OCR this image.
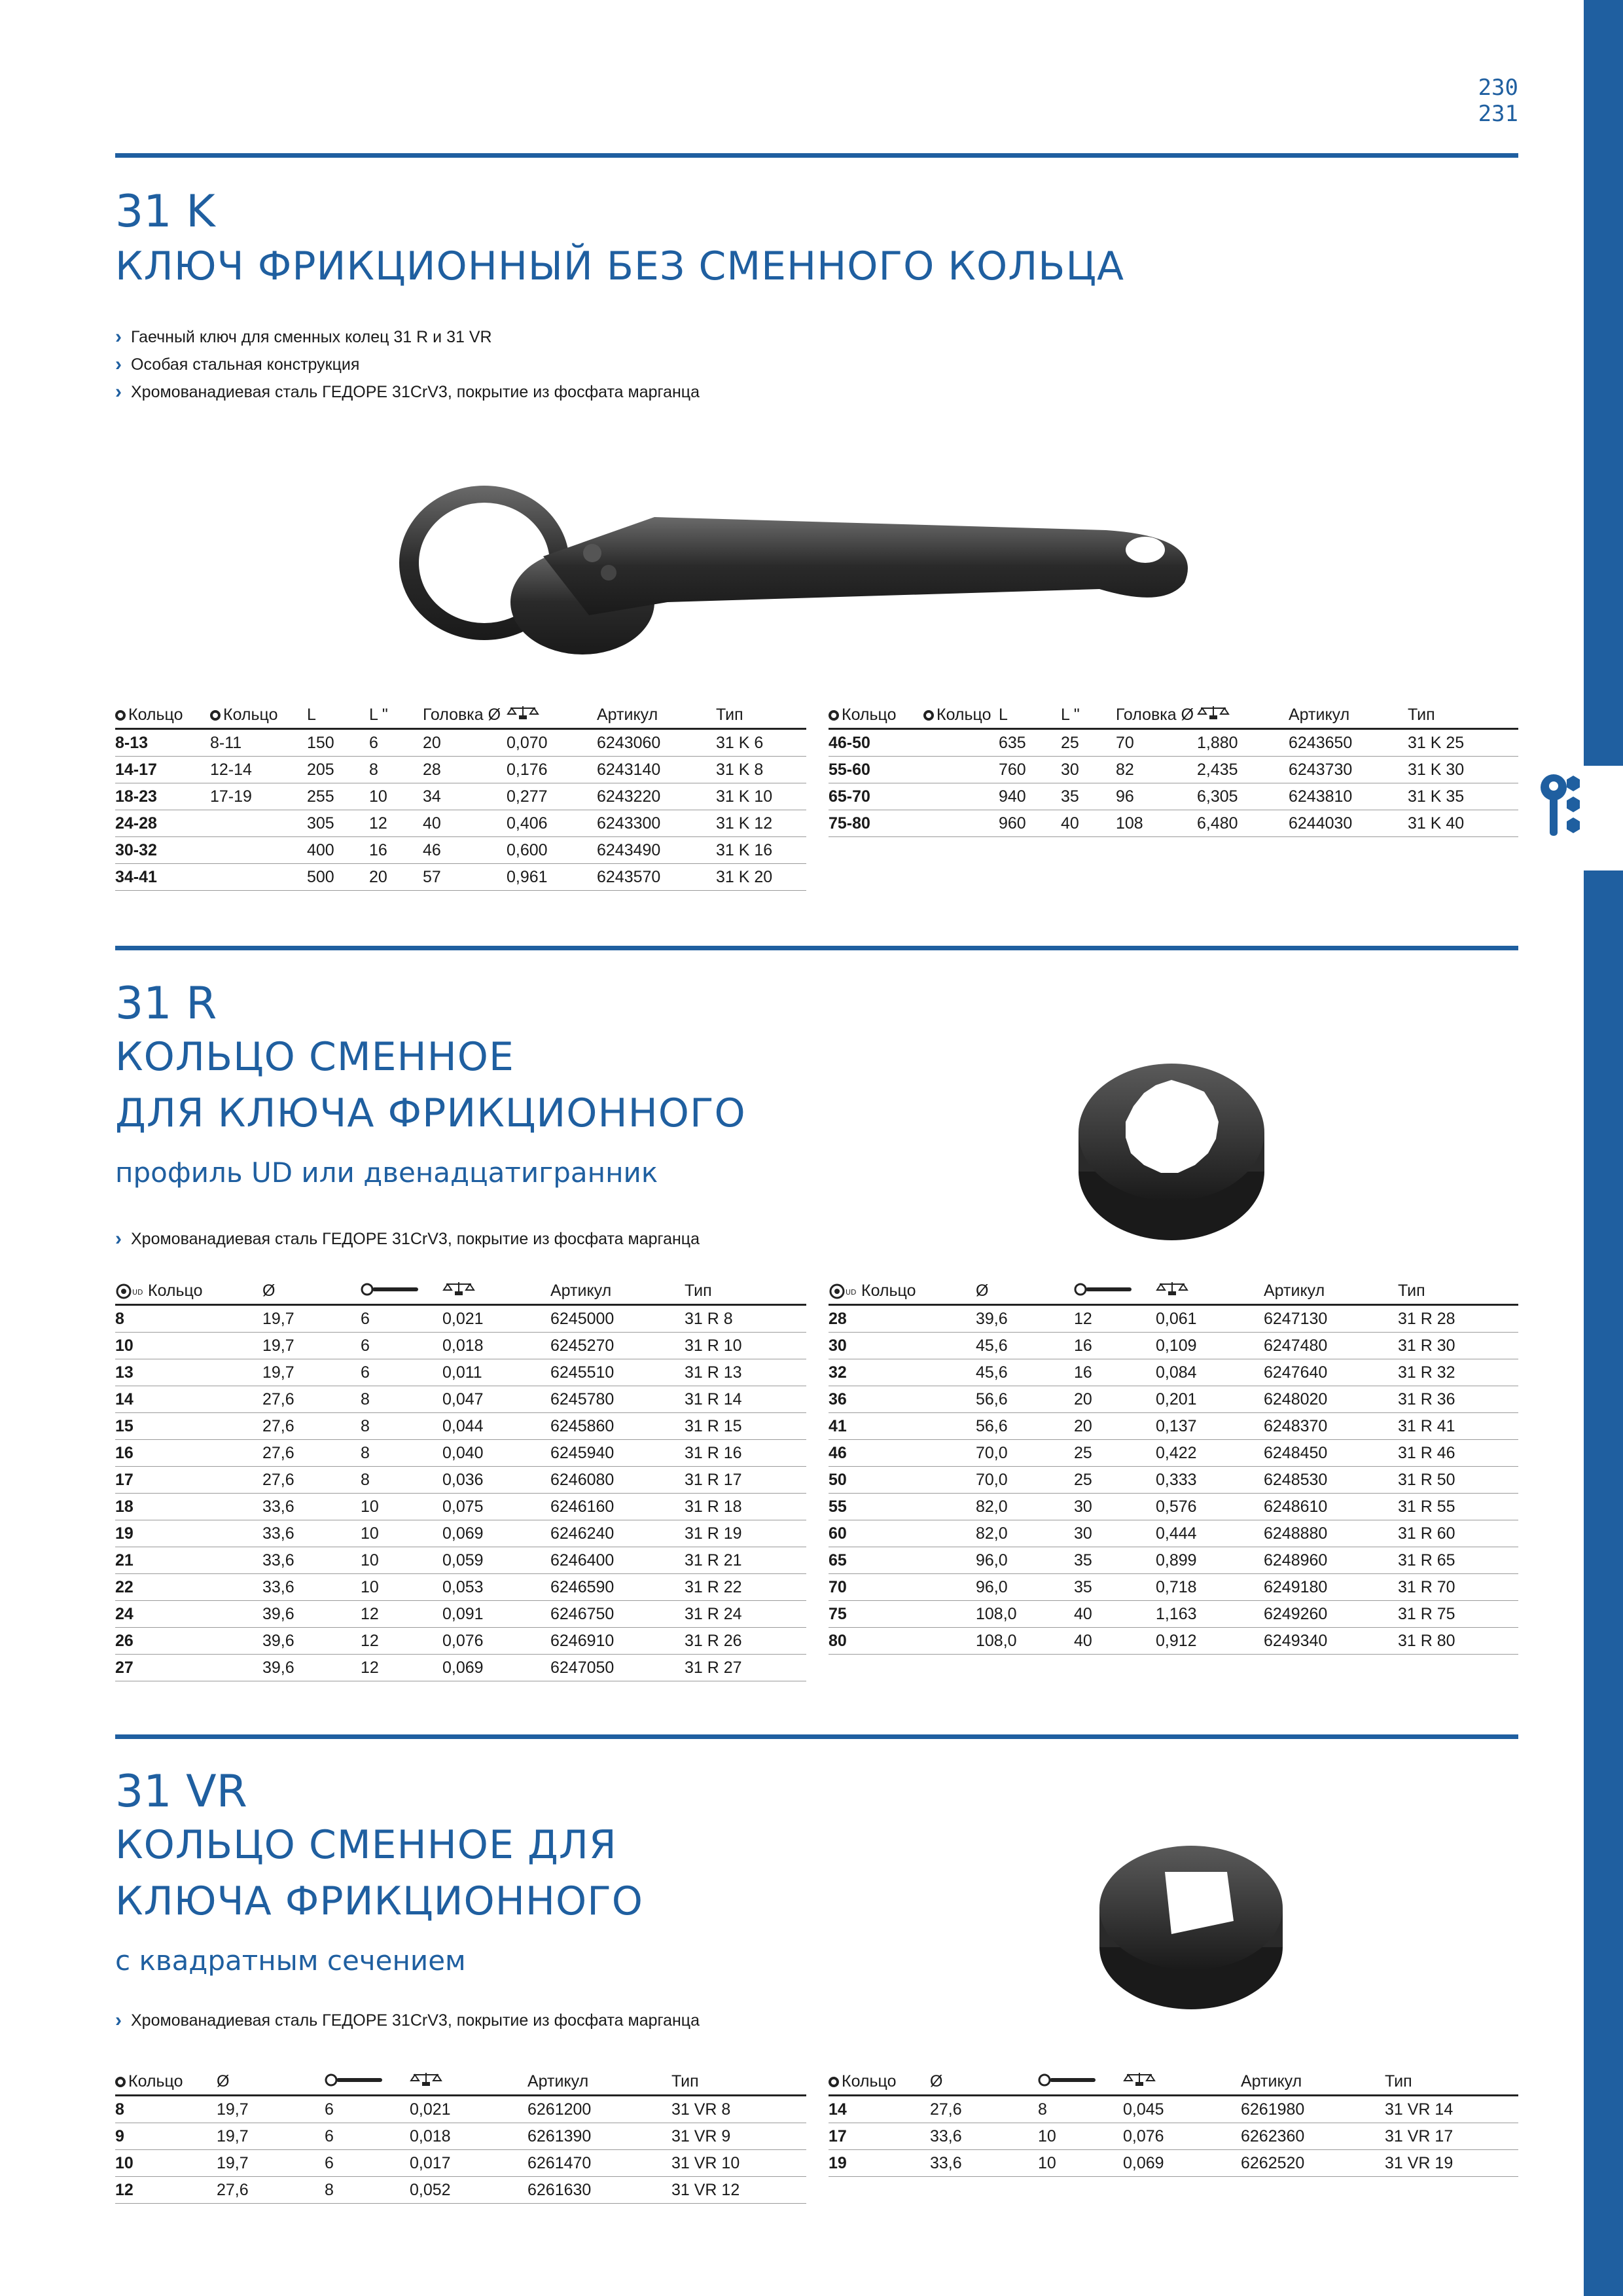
230
231
31 K
КЛЮЧ ФРИКЦИОННЫЙ БЕЗ СМЕННОГО КОЛЬЦА
› Гаечный ключ для сменных колец 31 R и 31 VR
› Особая стальная конструкция
› Хромованадиевая сталь ГЕДОРЕ 31CrV3, покрытие из фосфата марганца
Кольцо	Кольцо	L	L "	Головка Ø		Артикул	Тип
8-13	8-11	150	6	20	0,070	6243060	31 K 6
14-17	12-14	205	8	28	0,176	6243140	31 K 8
18-23	17-19	255	10	34	0,277	6243220	31 K 10
24-28		305	12	40	0,406	6243300	31 K 12
30-32		400	16	46	0,600	6243490	31 K 16
34-41		500	20	57	0,961	6243570	31 K 20
Кольцо	Кольцо	L	L "	Головка Ø		Артикул	Тип
46-50		635	25	70	1,880	6243650	31 K 25
55-60		760	30	82	2,435	6243730	31 K 30
65-70		940	35	96	6,305	6243810	31 K 35
75-80		960	40	108	6,480	6244030	31 K 40
31 R
КОЛЬЦО СМЕННОЕ
ДЛЯ КЛЮЧА ФРИКЦИОННОГО
профиль UD или двенадцатигранник
› Хромованадиевая сталь ГЕДОРЕ 31CrV3, покрытие из фосфата марганца
UD Кольцо	Ø			Артикул	Тип
8	19,7	6	0,021	6245000	31 R 8
10	19,7	6	0,018	6245270	31 R 10
13	19,7	6	0,011	6245510	31 R 13
14	27,6	8	0,047	6245780	31 R 14
15	27,6	8	0,044	6245860	31 R 15
16	27,6	8	0,040	6245940	31 R 16
17	27,6	8	0,036	6246080	31 R 17
18	33,6	10	0,075	6246160	31 R 18
19	33,6	10	0,069	6246240	31 R 19
21	33,6	10	0,059	6246400	31 R 21
22	33,6	10	0,053	6246590	31 R 22
24	39,6	12	0,091	6246750	31 R 24
26	39,6	12	0,076	6246910	31 R 26
27	39,6	12	0,069	6247050	31 R 27
UD Кольцо	Ø			Артикул	Тип
28	39,6	12	0,061	6247130	31 R 28
30	45,6	16	0,109	6247480	31 R 30
32	45,6	16	0,084	6247640	31 R 32
36	56,6	20	0,201	6248020	31 R 36
41	56,6	20	0,137	6248370	31 R 41
46	70,0	25	0,422	6248450	31 R 46
50	70,0	25	0,333	6248530	31 R 50
55	82,0	30	0,576	6248610	31 R 55
60	82,0	30	0,444	6248880	31 R 60
65	96,0	35	0,899	6248960	31 R 65
70	96,0	35	0,718	6249180	31 R 70
75	108,0	40	1,163	6249260	31 R 75
80	108,0	40	0,912	6249340	31 R 80
31 VR
КОЛЬЦО СМЕННОЕ ДЛЯ
КЛЮЧА ФРИКЦИОННОГО
с квадратным сечением
› Хромованадиевая сталь ГЕДОРЕ 31CrV3, покрытие из фосфата марганца
Кольцо	Ø			Артикул	Тип
8	19,7	6	0,021	6261200	31 VR 8
9	19,7	6	0,018	6261390	31 VR 9
10	19,7	6	0,017	6261470	31 VR 10
12	27,6	8	0,052	6261630	31 VR 12
Кольцо	Ø			Артикул	Тип
14	27,6	8	0,045	6261980	31 VR 14
17	33,6	10	0,076	6262360	31 VR 17
19	33,6	10	0,069	6262520	31 VR 19
